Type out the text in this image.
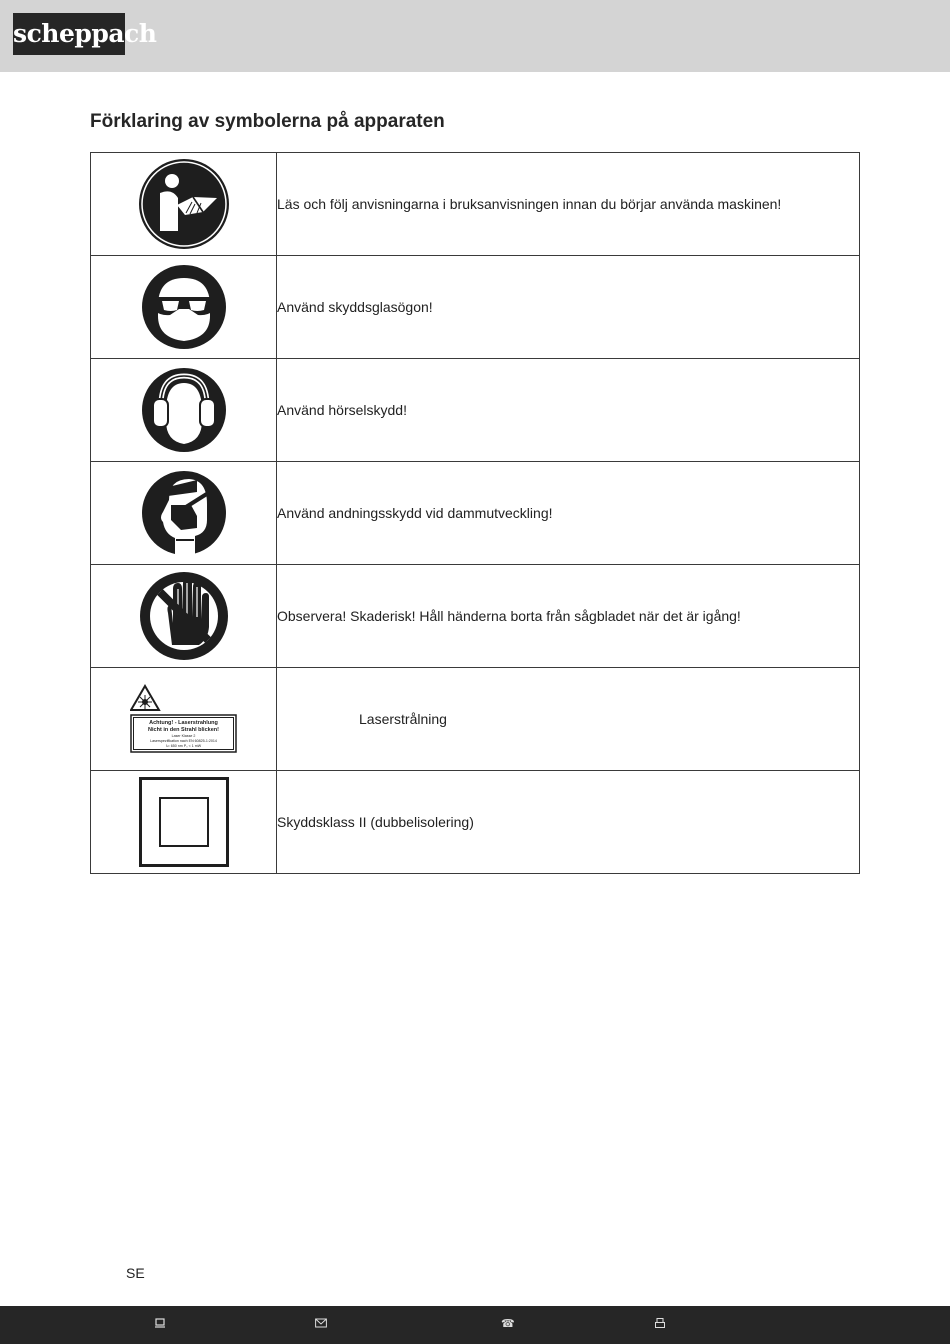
scheppach
Förklaring av symbolerna på apparaten
	Läs och följ anvisningarna i bruksanvisningen innan du börjar använda maskinen!
	Använd skyddsglasögon!
	Använd hörselskydd!
	Använd andningsskydd vid dammutveckling!
	Observera! Skaderisk! Håll händerna borta från sågbladet när det är igång!

Achtung! - Laserstrahlung
Nicht in den Strahl blicken!
Laser Klasse 2
Laserspezifikation nach EN 60825-1:2014
λ= 650 nm P₀ < 1 mW	Laserstrålning
	Skyddsklass II (dubbelisolering)
SE
☎
